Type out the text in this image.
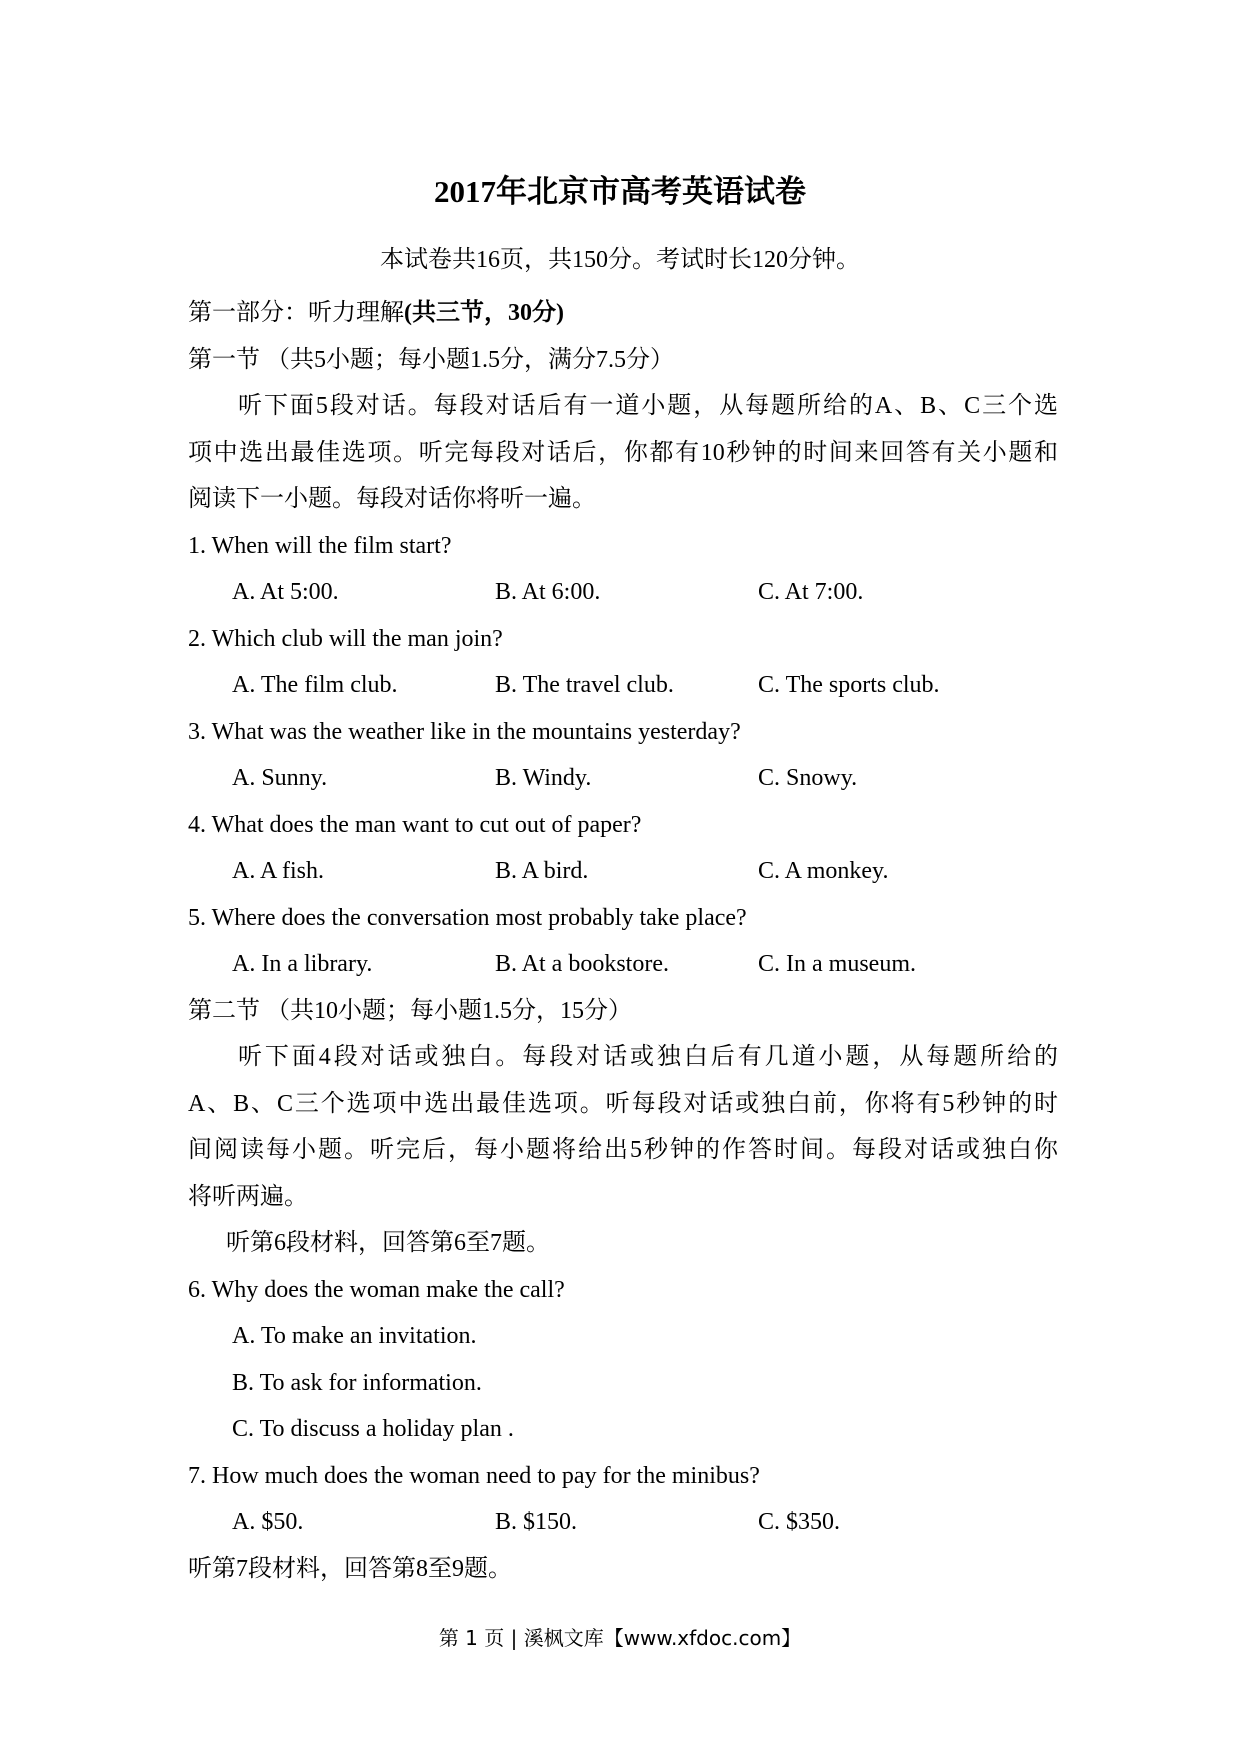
2017年北京市高考英语试卷
本试卷共16页，共150分。考试时长120分钟。
第一部分：听力理解(共三节，30分)
第一节 （共5小题；每小题1.5分，满分7.5分）
听下面5段对话。每段对话后有一道小题，从每题所给的A、B、C三个选
项中选出最佳选项。听完每段对话后，你都有10秒钟的时间来回答有关小题和
阅读下一小题。每段对话你将听一遍。
1. When will the film start?
A. At 5:00.	B. At 6:00.	C. At 7:00.
2. Which club will the man join?
A. The film club.	B. The travel club.	C. The sports club.
3. What was the weather like in the mountains yesterday?
A. Sunny.	B. Windy.	C. Snowy.
4. What does the man want to cut out of paper?
A. A fish.	B. A bird.	C. A monkey.
5. Where does the conversation most probably take place?
A. In a library.	B. At a bookstore.	C. In a museum.
第二节 （共10小题；每小题1.5分，15分）
听下面4段对话或独白。每段对话或独白后有几道小题，从每题所给的
A、B、C三个选项中选出最佳选项。听每段对话或独白前，你将有5秒钟的时
间阅读每小题。听完后，每小题将给出5秒钟的作答时间。每段对话或独白你
将听两遍。
听第6段材料，回答第6至7题。
6. Why does the woman make the call?
A. To make an invitation.
B. To ask for information.
C. To discuss a holiday plan .
7. How much does the woman need to pay for the minibus?
A. $50.	B. $150.	C. $350.
听第7段材料，回答第8至9题。
第 1 页 | 溪枫文库【www.xfdoc.com】
